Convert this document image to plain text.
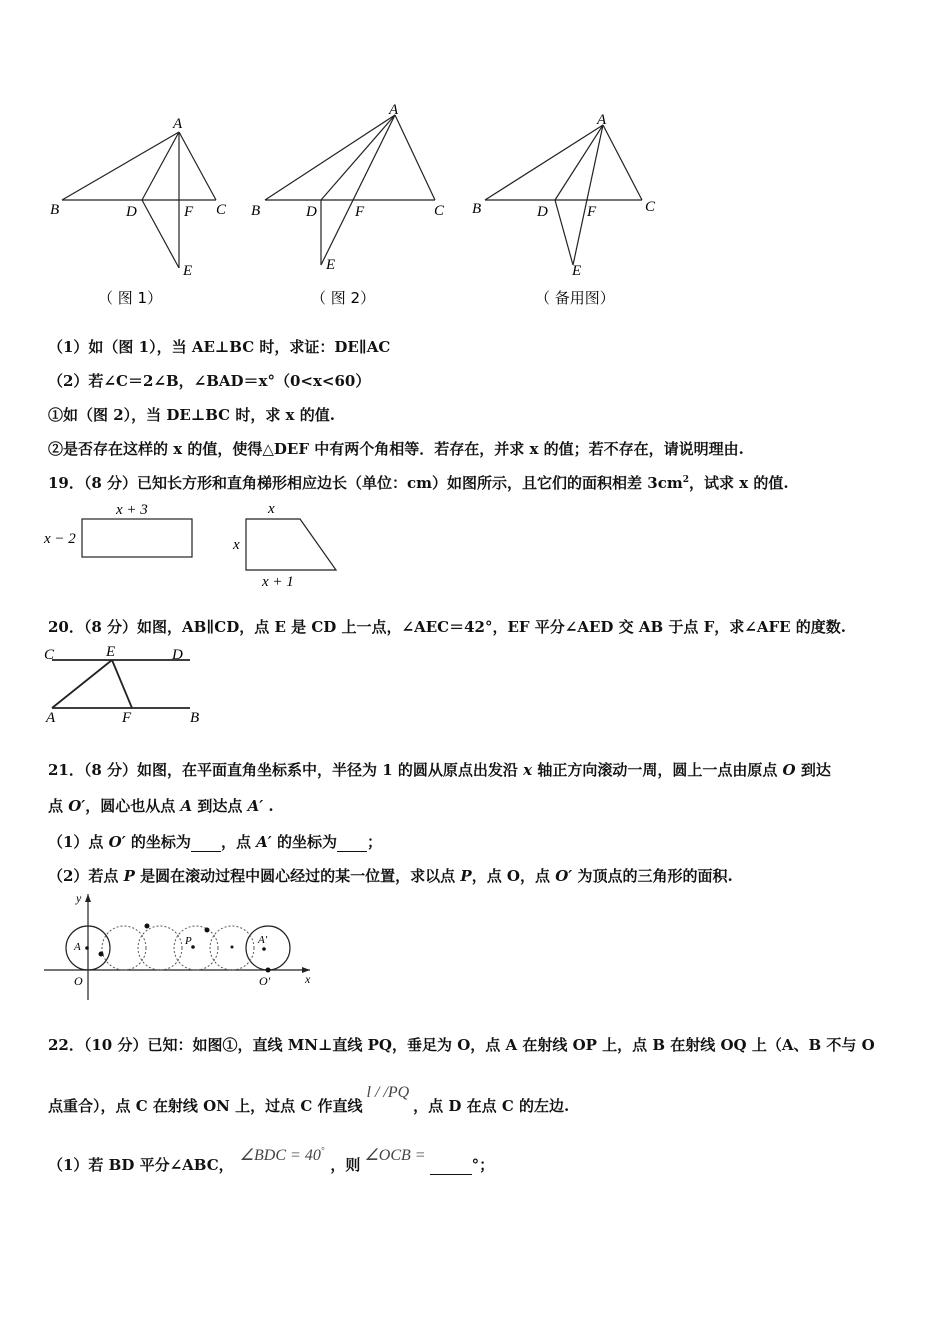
A
B	C
D	F
E
（ 图 1）
A
B	C
D	F
E
（ 图 2）
A
B	C
D	F
E
（ 备用图）
（1）如（图 1），当 AE⊥BC 时，求证：DE∥AC
（2）若∠C＝2∠B，∠BAD＝x°（0<x<60）
①如（图 2），当 DE⊥BC 时，求 x 的值.
②是否存在这样的 x 的值，使得△DEF 中有两个角相等．若存在，并求 x 的值；若不存在，请说明理由.
19．（8 分）已知长方形和直角梯形相应边长（单位：cm）如图所示，且它们的面积相差 $3cm^2$，试求 x 的值.
x + 3
x − 2
x
x
x + 1
20．（8 分）如图，AB∥CD，点 E 是 CD 上一点，∠AEC＝42°，EF 平分∠AED 交 AB 于点 F，求∠AFE 的度数.
C	E	D
A	F	B
21．（8 分）如图，在平面直角坐标系中，半径为 1 的圆从原点出发沿 x 轴正方向滚动一周，圆上一点由原点 O 到达
点 O′，圆心也从点 A 到达点 A′ .
（1）点 O′ 的坐标为 ，点 A′ 的坐标为 ；
（2）若点 P 是圆在滚动过程中圆心经过的某一位置，求以点 P，点 O，点 O′ 为顶点的三角形的面积.
y
x
O	O′
A
A′
P
22．（10 分）已知：如图①，直线 MN⊥直线 PQ，垂足为 O，点 A 在射线 OP 上，点 B 在射线 OQ 上（A、B 不与 O
点重合），点 C 在射线 ON 上，过点 C 作直线l / /PQ，点 D 在点 C 的左边.
（1）若 BD 平分∠ABC，∠BDC = 40°，则∠OCB = °；
